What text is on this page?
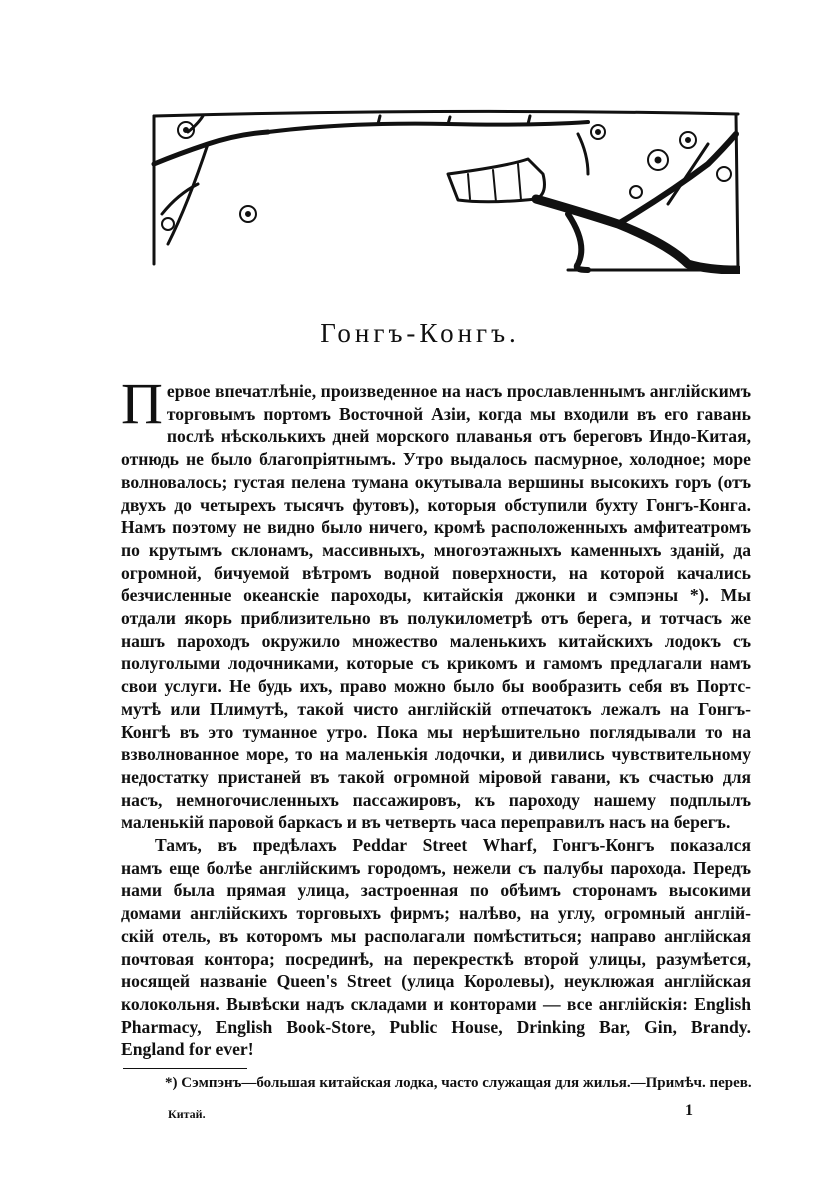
Гонгъ-Конгъ.
П ервое впечатлѣніе, произведенное на насъ прославленнымъ англійскимъ
торговымъ портомъ Восточной Азіи, когда мы входили въ его гавань
послѣ нѣсколькихъ дней морского плаванья отъ береговъ Индо-Китая,
отнюдь не было благопріятнымъ. Утро выдалось пасмурное, холодное; море
волновалось; густая пелена тумана окутывала вершины высокихъ горъ (отъ
двухъ до четырехъ тысячъ футовъ), которыя обступили бухту Гонгъ-Конга.
Намъ поэтому не видно было ничего, кромѣ расположенныхъ амфитеатромъ
по крутымъ склонамъ, массивныхъ, многоэтажныхъ каменныхъ зданій, да
огромной, бичуемой вѣтромъ водной поверхности, на которой качались
безчисленные океанскіе пароходы, китайскія джонки и сэмпэны *). Мы
отдали якорь приблизительно въ полукилометрѣ отъ берега, и тотчасъ же
нашъ пароходъ окружило множество маленькихъ китайскихъ лодокъ съ
полуголыми лодочниками, которые съ крикомъ и гамомъ предлагали намъ
свои услуги. Не будь ихъ, право можно было бы вообразить себя въ Портс-
мутѣ или Плимутѣ, такой чисто англійскій отпечатокъ лежалъ на Гонгъ-
Конгѣ въ это туманное утро. Пока мы нерѣшительно поглядывали то на
взволнованное море, то на маленькія лодочки, и дивились чувствительному
недостатку пристаней въ такой огромной міровой гавани, къ счастью для
насъ, немногочисленныхъ пассажировъ, къ пароходу нашему подплылъ
маленькій паровой баркасъ и въ четверть часа переправилъ насъ на берегъ.
Тамъ, въ предѣлахъ Peddar Street Wharf, Гонгъ-Конгъ показался
намъ еще болѣе англійскимъ городомъ, нежели съ палубы парохода. Передъ
нами была прямая улица, застроенная по обѣимъ сторонамъ высокими
домами англійскихъ торговыхъ фирмъ; налѣво, на углу, огромный англій-
скій отель, въ которомъ мы располагали помѣститься; направо англійская
почтовая контора; посрединѣ, на перекресткѣ второй улицы, разумѣется,
носящей названіе Queen's Street (улица Королевы), неуклюжая англійская
колокольня. Вывѣски надъ складами и конторами — все англійскія: English
Pharmacy, English Book-Store, Public House, Drinking Bar, Gin, Brandy.
England for ever!
*) Сэмпэнъ—большая китайская лодка, часто служащая для жилья.—Примѣч. перев.
Китай.	1
